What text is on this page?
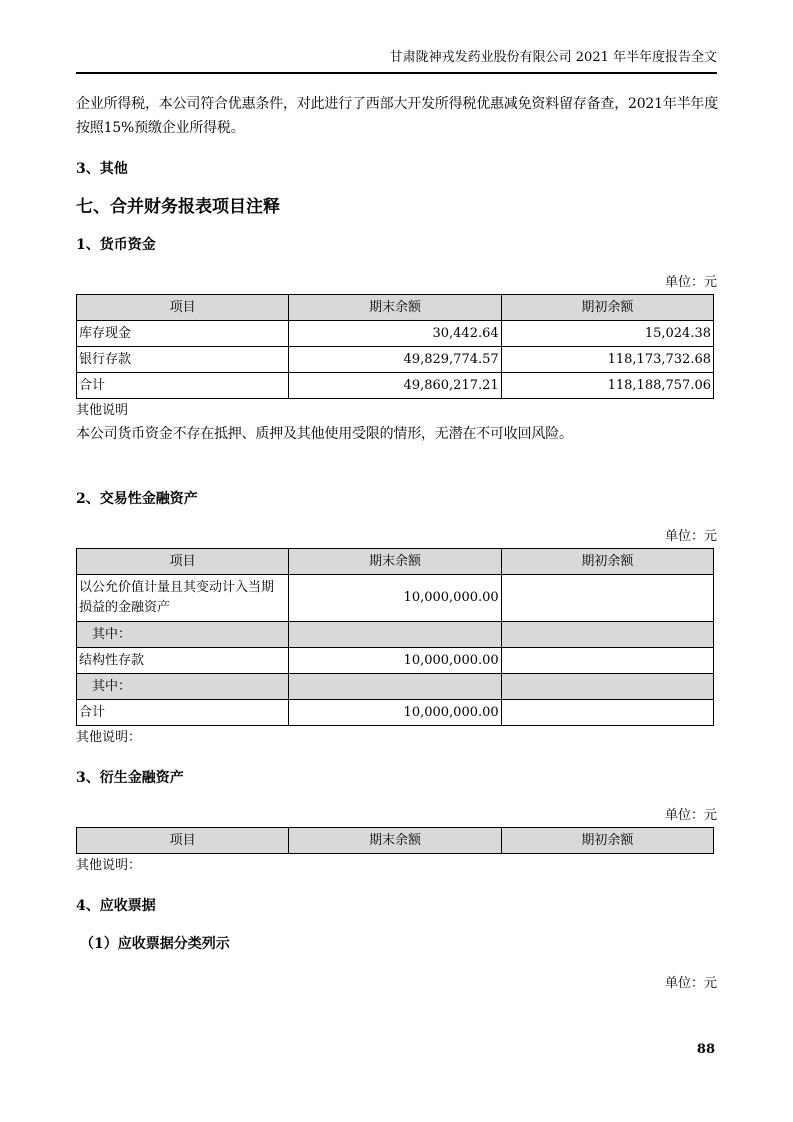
甘肃陇神戎发药业股份有限公司 2021 年半年度报告全文
企业所得税，本公司符合优惠条件，对此进行了西部大开发所得税优惠减免资料留存备查，2021年半年度
按照15%预缴企业所得税。
3、其他
七、合并财务报表项目注释
1、货币资金
单位：元
项目	期末余额	期初余额
库存现金	30,442.64	15,024.38
银行存款	49,829,774.57	118,173,732.68
合计	49,860,217.21	118,188,757.06
其他说明
本公司货币资金不存在抵押、质押及其他使用受限的情形，无潜在不可收回风险。
2、交易性金融资产
单位：元
项目	期末余额	期初余额
以公允价值计量且其变动计入当期损益的金融资产	10,000,000.00	
　其中：		
结构性存款	10,000,000.00	
　其中：		
合计	10,000,000.00	
其他说明：
3、衍生金融资产
单位：元
项目	期末余额	期初余额
其他说明：
4、应收票据
（1）应收票据分类列示
单位：元
88
